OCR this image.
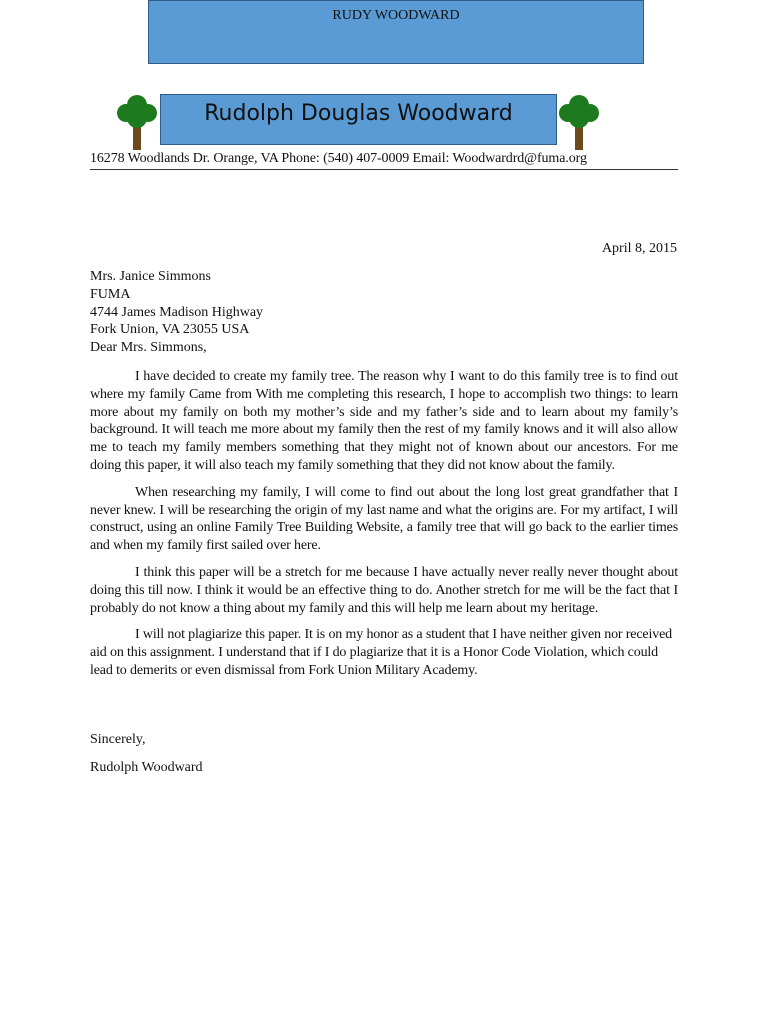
RUDY WOODWARD
Rudolph Douglas Woodward
16278 Woodlands Dr. Orange, VA Phone: (540) 407-0009 Email: Woodwardrd@fuma.org
April 8, 2015
Mrs. Janice Simmons
FUMA
4744 James Madison Highway
Fork Union, VA 23055 USA
Dear Mrs. Simmons,

I have decided to create my family tree. The reason why I want to do this family tree is to find out where my family Came from With me completing this research, I hope to accomplish two things: to learn more about my family on both my mother’s side and my father’s side and to learn about my family’s background. It will teach me more about my family then the rest of my family knows and it will also allow me to teach my family members something that they might not of known about our ancestors. For me doing this paper, it will also teach my family something that they did not know about the family.

When researching my family, I will come to find out about the long lost great grandfather that I never knew. I will be researching the origin of my last name and what the origins are. For my artifact, I will construct, using an online Family Tree Building Website, a family tree that will go back to the earlier times and when my family first sailed over here.

I think this paper will be a stretch for me because I have actually never really never thought about doing this till now. I think it would be an effective thing to do. Another stretch for me will be the fact that I probably do not know a thing about my family and this will help me learn about my heritage.

I will not plagiarize this paper. It is on my honor as a student that I have neither given nor received aid on this assignment. I understand that if I do plagiarize that it is a Honor Code Violation, which could lead to demerits or even dismissal from Fork Union Military Academy.

Sincerely,
Rudolph Woodward
